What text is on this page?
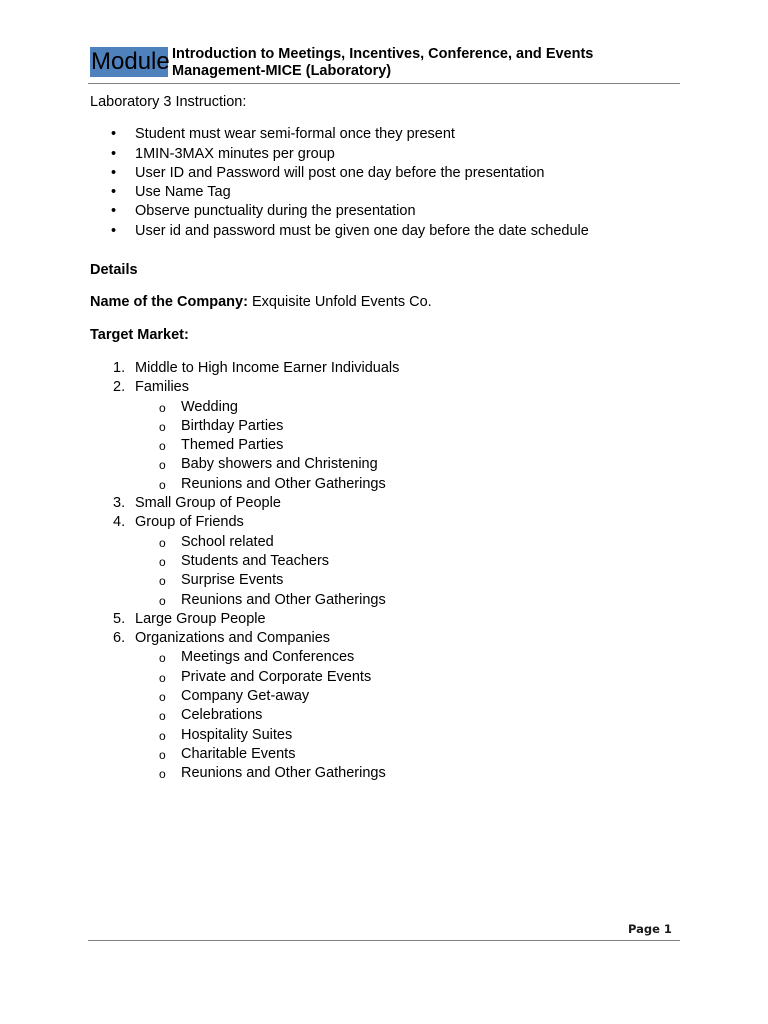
Module Introduction to Meetings, Incentives, Conference, and Events Management-MICE (Laboratory)

Laboratory 3 Instruction:

• Student must wear semi-formal once they present
• 1MIN-3MAX minutes per group
• User ID and Password will post one day before the presentation
• Use Name Tag
• Observe punctuality during the presentation
• User id and password must be given one day before the date schedule

Details

Name of the Company: Exquisite Unfold Events Co.

Target Market:

1. Middle to High Income Earner Individuals
2. Families
o Wedding
o Birthday Parties
o Themed Parties
o Baby showers and Christening
o Reunions and Other Gatherings
3. Small Group of People
4. Group of Friends
o School related
o Students and Teachers
o Surprise Events
o Reunions and Other Gatherings
5. Large Group People
6. Organizations and Companies
o Meetings and Conferences
o Private and Corporate Events
o Company Get-away
o Celebrations
o Hospitality Suites
o Charitable Events
o Reunions and Other Gatherings
Page 1
